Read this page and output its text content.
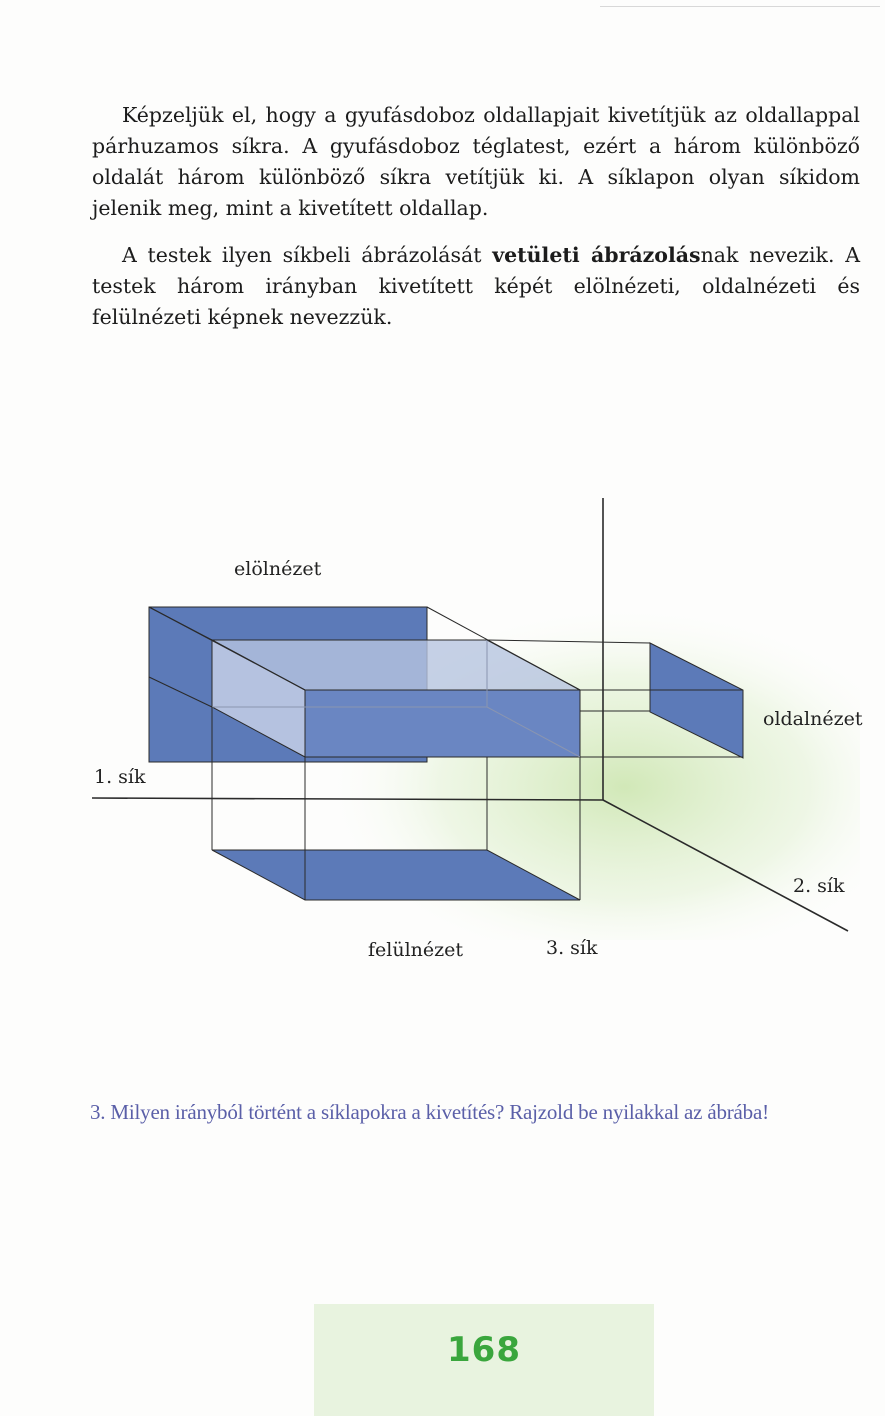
Képzeljük el, hogy a gyufásdoboz oldallapjait kivetítjük az oldallappal párhuzamos síkra. A gyufásdoboz téglatest, ezért a három különböző oldalát három különböző síkra vetítjük ki. A síklapon olyan síkidom jelenik meg, mint a kivetített oldallap.
A testek ilyen síkbeli ábrázolását vetületi ábrázolásnak nevezik. A testek három irányban kivetített képét elölnézeti, oldalnézeti és felülnézeti képnek nevezzük.
elölnézet
oldalnézet
felülnézet
1. sík
2. sík
3. sík
3. Milyen irányból történt a síklapokra a kivetítés? Rajzold be nyilakkal az ábrába!
168
